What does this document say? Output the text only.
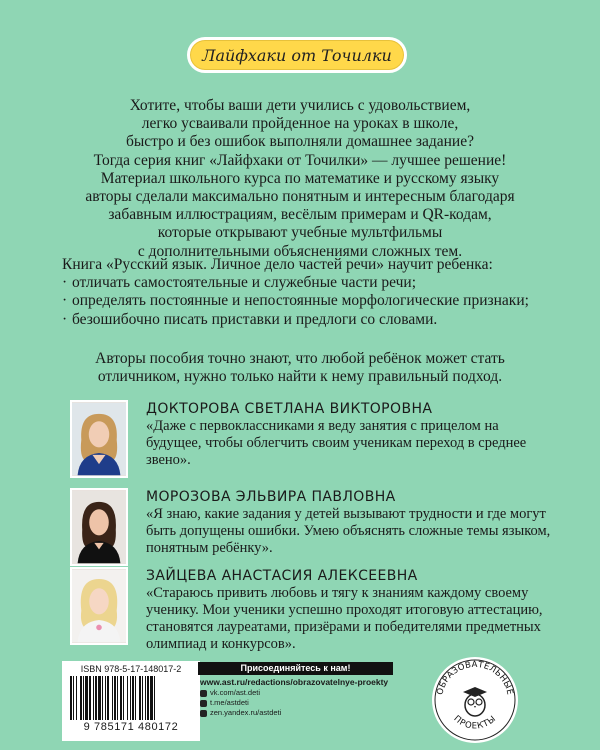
Лайфхаки от Точилки

Хотите, чтобы ваши дети учились с удовольствием,

легко усваивали пройденное на уроках в школе,

быстро и без ошибок выполняли домашнее задание?

Тогда серия книг «Лайфхаки от Точилки» — лучшее решение!

Материал школьного курса по математике и русскому языку

авторы сделали максимально понятным и интересным благодаря

забавным иллюстрациям, весёлым примерам и QR-кодам,

которые открывают учебные мультфильмы

с дополнительными объяснениями сложных тем.

Книга «Русский язык. Личное дело частей речи» научит ребенка:

· отличать самостоятельные и служебные части речи;
· определять постоянные и непостоянные морфологические признаки;
· безошибочно писать приставки и предлоги со словами.

Авторы пособия точно знают, что любой ребёнок может стать

отличником, нужно только найти к нему правильный подход.

ДОКТОРОВА СВЕТЛАНА ВИКТОРОВНА
«Даже с первоклассниками я веду занятия с прицелом на будущее, чтобы облегчить своим ученикам переход в среднее звено».
МОРОЗОВА ЭЛЬВИРА ПАВЛОВНА
«Я знаю, какие задания у детей вызывают трудности и где могут быть допущены ошибки. Умею объяснять сложные темы языком, понятным ребёнку».
ЗАЙЦЕВА АНАСТАСИЯ АЛЕКСЕЕВНА
«Стараюсь привить любовь и тягу к знаниям каждому своему ученику. Мои ученики успешно проходят итоговую аттестацию, становятся лауреатами, призёрами и победителями предметных олимпиад и конкурсов».
ISBN 978-5-17-148017-2
9 785171 480172
Присоединяйтесь к нам!
www.ast.ru/redactions/obrazovatelnye-proekty
vk.com/ast.deti
t.me/astdeti
zen.yandex.ru/astdeti
ОБРАЗОВАТЕЛЬНЫЕ
ПРОЕКТЫ
